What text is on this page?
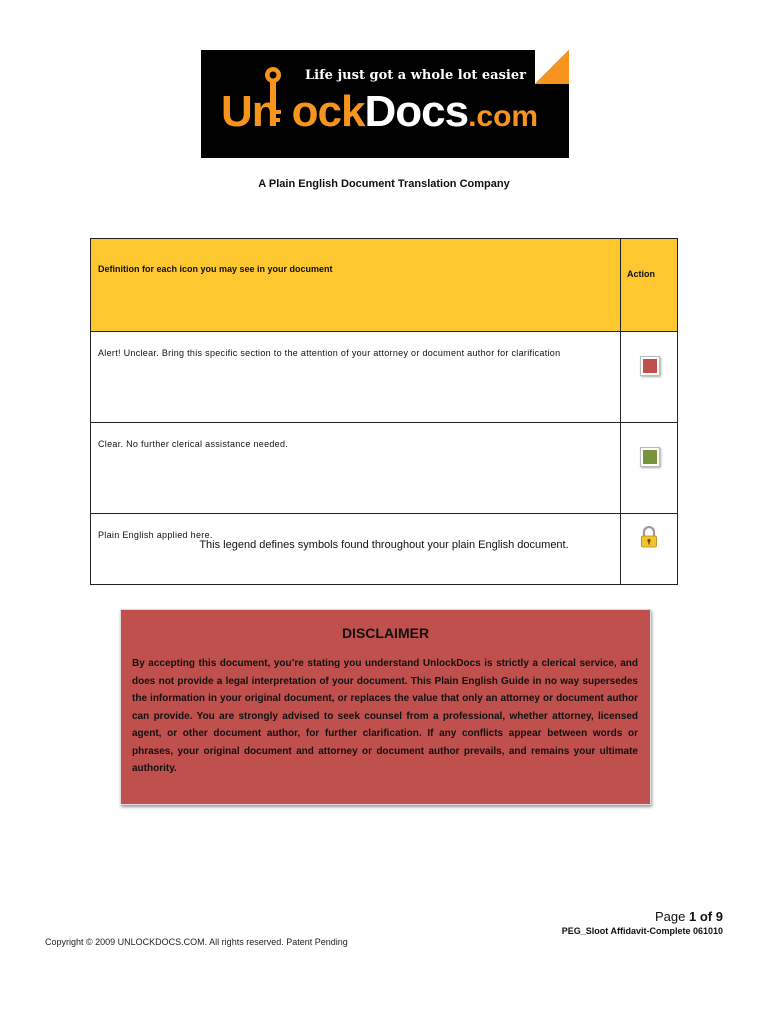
Life just got a whole lot easier
Un ockDocs.com
A Plain English Document Translation Company
Definition for each icon you may see in your document	Action
Alert! Unclear. Bring this specific section to the attention of your attorney or document author for clarification	

Clear. No further clerical assistance needed.	

Plain English applied here.	
This legend defines symbols found throughout your plain English document.
DISCLAIMER
By accepting this document, you’re stating you understand UnlockDocs is strictly a clerical service, and does not provide a legal interpretation of your document. This Plain English Guide in no way supersedes the information in your original document, or replaces the value that only an attorney or document author can provide. You are strongly advised to seek counsel from a professional, whether attorney, licensed agent, or other document author, for further clarification. If any conflicts appear between words or phrases, your original document and attorney or document author prevails, and remains your ultimate authority.
Page 1 of 9
PEG_Sloot Affidavit-Complete 061010
Copyright © 2009 UNLOCKDOCS.COM. All rights reserved. Patent Pending
